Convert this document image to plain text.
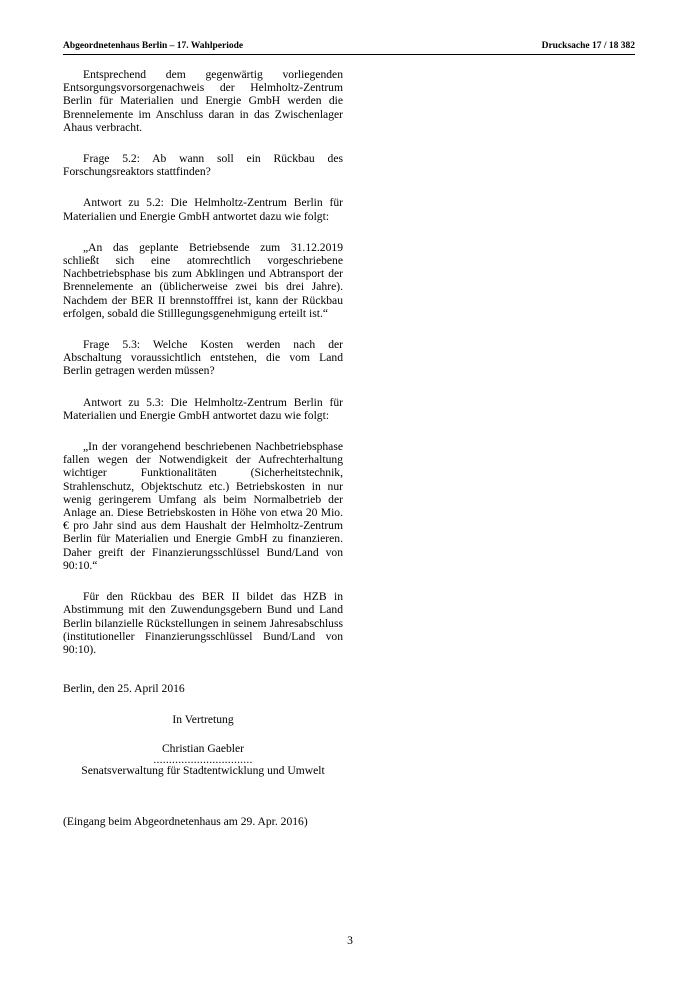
Abgeordnetenhaus Berlin – 17. Wahlperiode	Drucksache 17 / 18 382

Entsprechend dem gegenwärtig vorliegenden Entsorgungsvorsorgenachweis der Helmholtz-Zentrum Berlin für Materialien und Energie GmbH werden die Brennelemente im Anschluss daran in das Zwischenlager Ahaus verbracht.

Frage 5.2: Ab wann soll ein Rückbau des Forschungsreaktors stattfinden?

Antwort zu 5.2: Die Helmholtz-Zentrum Berlin für Materialien und Energie GmbH antwortet dazu wie folgt:

„An das geplante Betriebsende zum 31.12.2019 schließt sich eine atomrechtlich vorgeschriebene Nachbetriebsphase bis zum Abklingen und Abtransport der Brennelemente an (üblicherweise zwei bis drei Jahre). Nachdem der BER II brennstofffrei ist, kann der Rückbau erfolgen, sobald die Stilllegungsgenehmigung erteilt ist.“

Frage 5.3: Welche Kosten werden nach der Abschaltung voraussichtlich entstehen, die vom Land Berlin getragen werden müssen?

Antwort zu 5.3: Die Helmholtz-Zentrum Berlin für Materialien und Energie GmbH antwortet dazu wie folgt:

„In der vorangehend beschriebenen Nachbetriebsphase fallen wegen der Notwendigkeit der Aufrechterhaltung wichtiger Funktionalitäten (Sicherheitstechnik, Strahlenschutz, Objektschutz etc.) Betriebskosten in nur wenig geringerem Umfang als beim Normalbetrieb der Anlage an. Diese Betriebskosten in Höhe von etwa 20 Mio. € pro Jahr sind aus dem Haushalt der Helmholtz-Zentrum Berlin für Materialien und Energie GmbH zu finanzieren. Daher greift der Finanzierungsschlüssel Bund/Land von 90:10.“

Für den Rückbau des BER II bildet das HZB in Abstimmung mit den Zuwendungsgebern Bund und Land Berlin bilanzielle Rückstellungen in seinem Jahresabschluss (institutioneller Finanzierungsschlüssel Bund/Land von 90:10).

Berlin, den 25. April 2016

In Vertretung
Christian Gaebler
................................
Senatsverwaltung für Stadtentwicklung und Umwelt

(Eingang beim Abgeordnetenhaus am 29. Apr. 2016)

3
